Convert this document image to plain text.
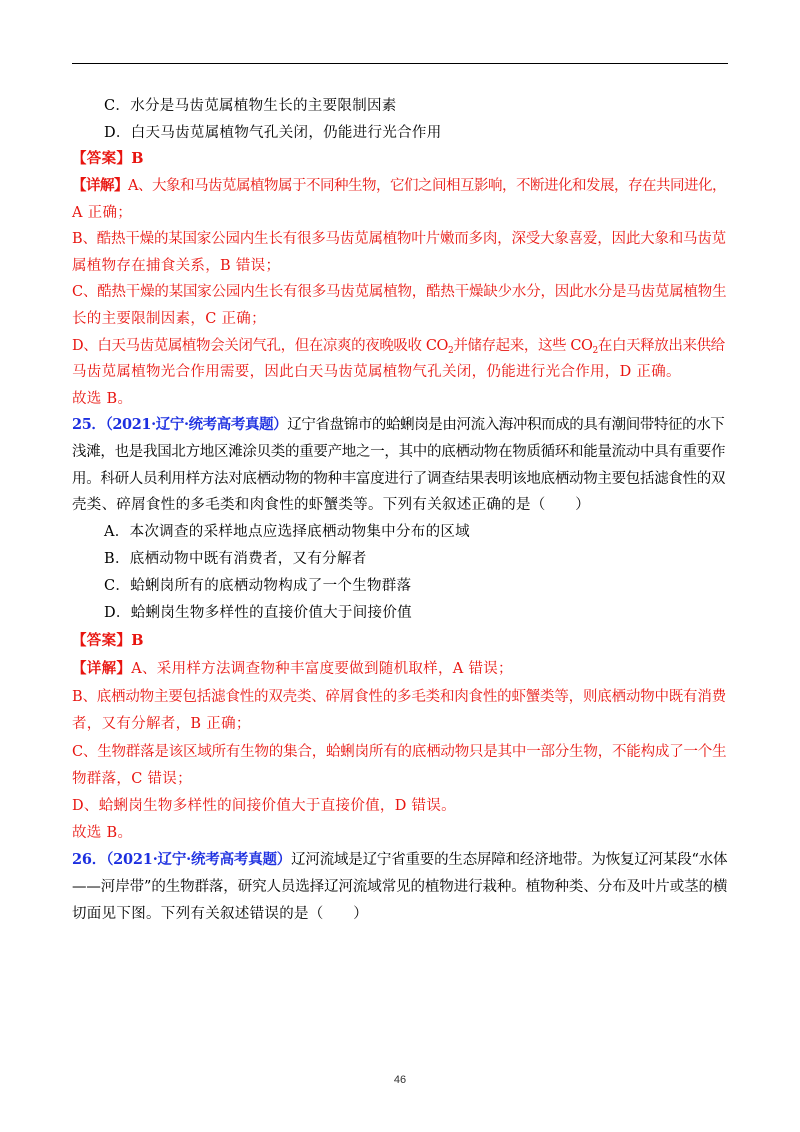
C．水分是马齿苋属植物生长的主要限制因素
D．白天马齿苋属植物气孔关闭，仍能进行光合作用
【答案】B
【详解】A、大象和马齿苋属植物属于不同种生物，它们之间相互影响，不断进化和发展，存在共同进化，
A 正确；
B、酷热干燥的某国家公园内生长有很多马齿苋属植物叶片嫩而多肉，深受大象喜爱，因此大象和马齿苋
属植物存在捕食关系，B 错误；
C、酷热干燥的某国家公园内生长有很多马齿苋属植物，酷热干燥缺少水分，因此水分是马齿苋属植物生
长的主要限制因素，C 正确；
D、白天马齿苋属植物会关闭气孔，但在凉爽的夜晚吸收 $CO_2$并储存起来，这些 $CO_2$在白天释放出来供给
马齿苋属植物光合作用需要，因此白天马齿苋属植物气孔关闭，仍能进行光合作用，D 正确。
故选 B。
25．（2021·辽宁·统考高考真题）辽宁省盘锦市的蛤蜊岗是由河流入海冲积而成的具有潮间带特征的水下
浅滩，也是我国北方地区滩涂贝类的重要产地之一，其中的底栖动物在物质循环和能量流动中具有重要作
用。科研人员利用样方法对底栖动物的物种丰富度进行了调查结果表明该地底栖动物主要包括滤食性的双
壳类、碎屑食性的多毛类和肉食性的虾蟹类等。下列有关叙述正确的是（　　）
A．本次调查的采样地点应选择底栖动物集中分布的区域
B．底栖动物中既有消费者，又有分解者
C．蛤蜊岗所有的底栖动物构成了一个生物群落
D．蛤蜊岗生物多样性的直接价值大于间接价值
【答案】B
【详解】A、采用样方法调查物种丰富度要做到随机取样，A 错误；
B、底栖动物主要包括滤食性的双壳类、碎屑食性的多毛类和肉食性的虾蟹类等，则底栖动物中既有消费
者，又有分解者，B 正确；
C、生物群落是该区域所有生物的集合，蛤蜊岗所有的底栖动物只是其中一部分生物，不能构成了一个生
物群落，C 错误；
D、蛤蜊岗生物多样性的间接价值大于直接价值，D 错误。
故选 B。
26．（2021·辽宁·统考高考真题）辽河流域是辽宁省重要的生态屏障和经济地带。为恢复辽河某段“水体
——河岸带”的生物群落，研究人员选择辽河流域常见的植物进行栽种。植物种类、分布及叶片或茎的横
切面见下图。下列有关叙述错误的是（　　）
46
